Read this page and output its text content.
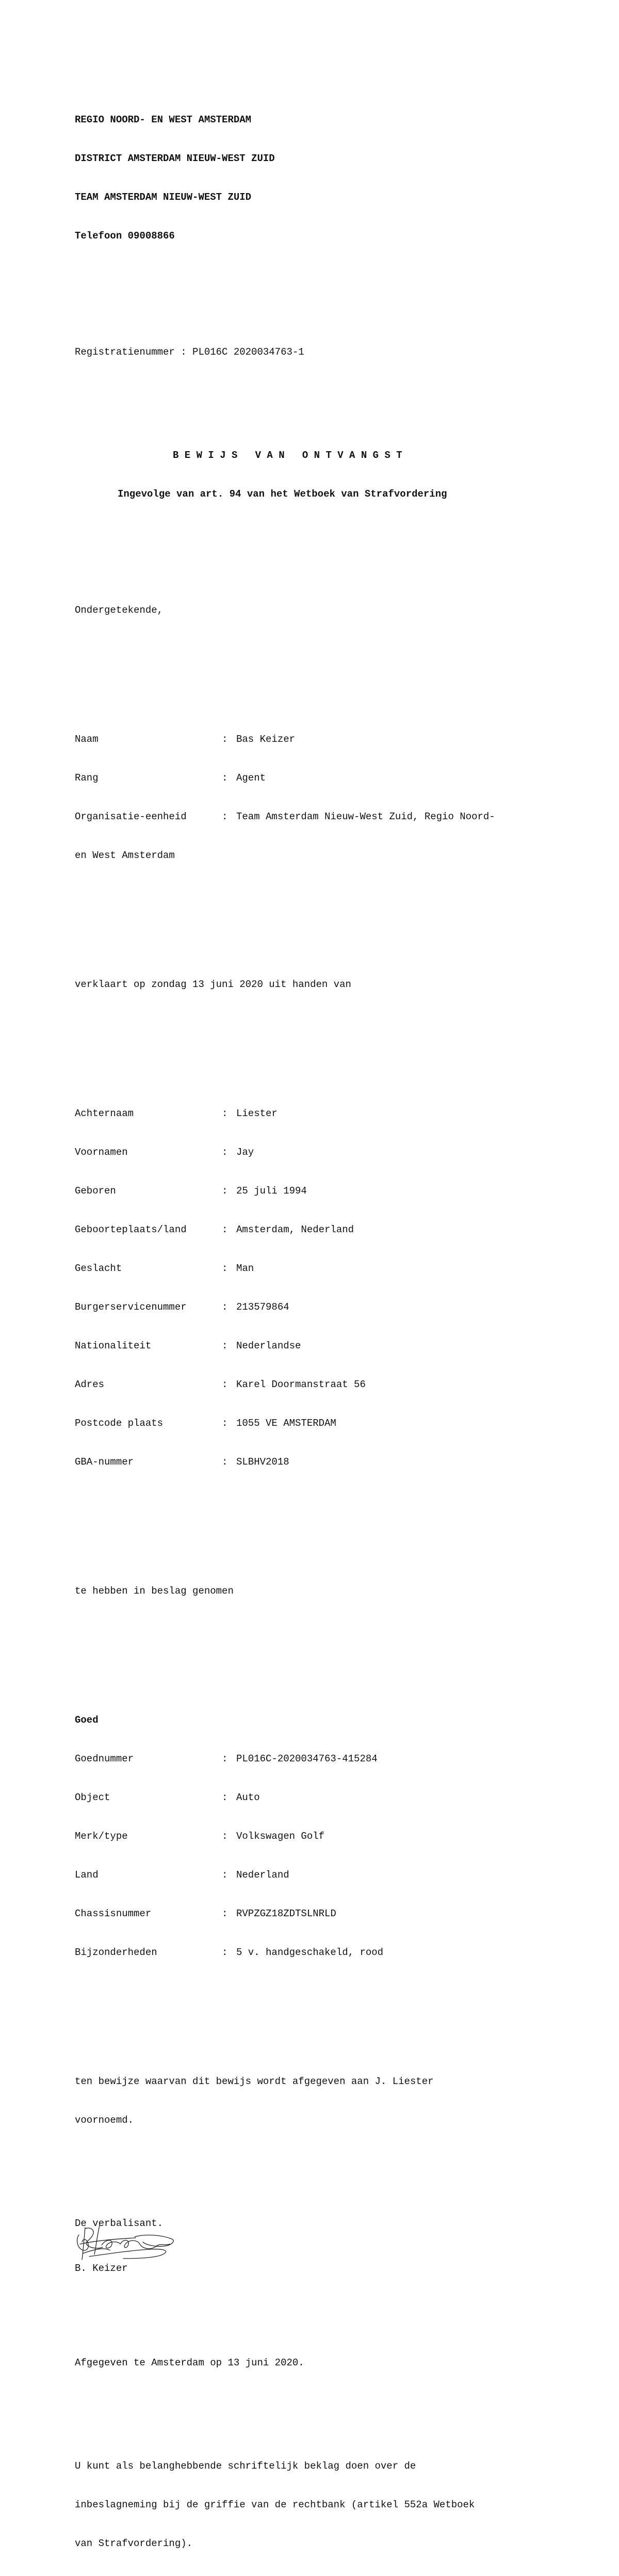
REGIO NOORD- EN WEST AMSTERDAM

DISTRICT AMSTERDAM NIEUW-WEST ZUID

TEAM AMSTERDAM NIEUW-WEST ZUID

Telefoon 09008866

Registratienummer : PL016C 2020034763-1

B E W I J S   V A N   O N T V A N G S T

Ingevolge van art. 94 van het Wetboek van Strafvordering

Ondergetekende,

Naam	: Bas Keizer

Rang	: Agent

Organisatie-eenheid	: Team Amsterdam Nieuw-West Zuid, Regio Noord-

en West Amsterdam

verklaart op zondag 13 juni 2020 uit handen van

Achternaam	: Liester

Voornamen	: Jay

Geboren	: 25 juli 1994

Geboorteplaats/land	: Amsterdam, Nederland

Geslacht	: Man

Burgerservicenummer	: 213579864

Nationaliteit	: Nederlandse

Adres	: Karel Doormanstraat 56

Postcode plaats	: 1055 VE AMSTERDAM

GBA-nummer	: SLBHV2018

te hebben in beslag genomen

Goed

Goednummer	: PL016C-2020034763-415284

Object	: Auto

Merk/type	: Volkswagen Golf

Land	: Nederland

Chassisnummer	: RVPZGZ18ZDTSLNRLD

Bijzonderheden	: 5 v. handgeschakeld, rood

ten bewijze waarvan dit bewijs wordt afgegeven aan J. Liester

voornoemd.

De verbalisant.

B. Keizer

Afgegeven te Amsterdam op 13 juni 2020.

U kunt als belanghebbende schriftelijk beklag doen over de

inbeslagneming bij de griffie van de rechtbank (artikel 552a Wetboek

van Strafvordering).
